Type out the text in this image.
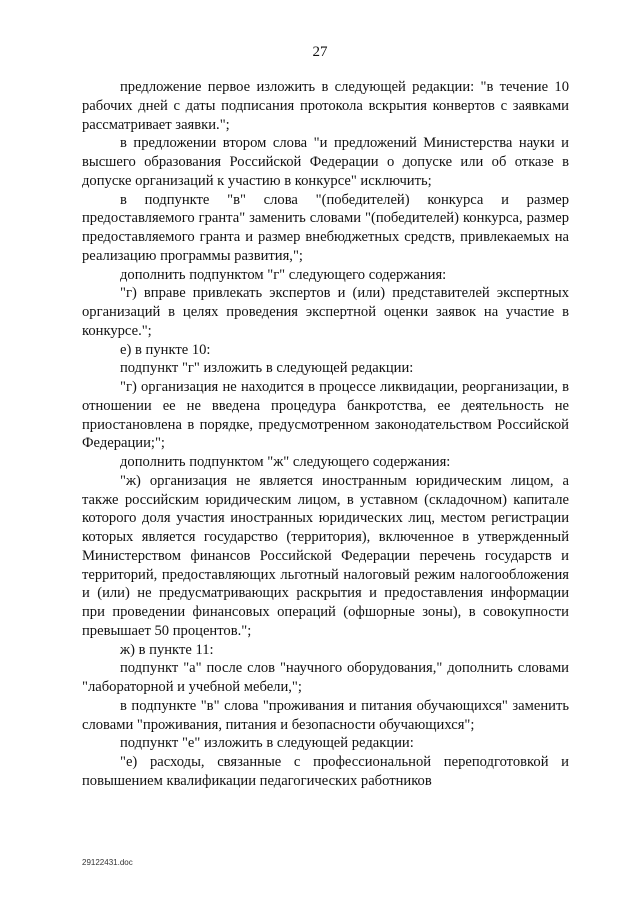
27

предложение первое изложить в следующей редакции: "в течение 10 рабочих дней с даты подписания протокола вскрытия конвертов с заявками рассматривает заявки.";

в предложении втором слова "и предложений Министерства науки и высшего образования Российской Федерации о допуске или об отказе в допуске организаций к участию в конкурсе" исключить;

в подпункте "в" слова "(победителей) конкурса и размер предоставляемого гранта" заменить словами "(победителей) конкурса, размер предоставляемого гранта и размер внебюджетных средств, привлекаемых на реализацию программы развития,";

дополнить подпунктом "г" следующего содержания:

"г) вправе привлекать экспертов и (или) представителей экспертных организаций в целях проведения экспертной оценки заявок на участие в конкурсе.";

е) в пункте 10:

подпункт "г" изложить в следующей редакции:

"г) организация не находится в процессе ликвидации, реорганизации, в отношении ее не введена процедура банкротства, ее деятельность не приостановлена в порядке, предусмотренном законодательством Российской Федерации;";

дополнить подпунктом "ж" следующего содержания:

"ж) организация не является иностранным юридическим лицом, а также российским юридическим лицом, в уставном (складочном) капитале которого доля участия иностранных юридических лиц, местом регистрации которых является государство (территория), включенное в утвержденный Министерством финансов Российской Федерации перечень государств и территорий, предоставляющих льготный налоговый режим налогообложения и (или) не предусматривающих раскрытия и предоставления информации при проведении финансовых операций (офшорные зоны), в совокупности превышает 50 процентов.";

ж) в пункте 11:

подпункт "а" после слов "научного оборудования," дополнить словами "лабораторной и учебной мебели,";

в подпункте "в" слова "проживания и питания обучающихся" заменить словами "проживания, питания и безопасности обучающихся";

подпункт "е" изложить в следующей редакции:

"е) расходы, связанные с профессиональной переподготовкой и повышением квалификации педагогических работников

29122431.doc
